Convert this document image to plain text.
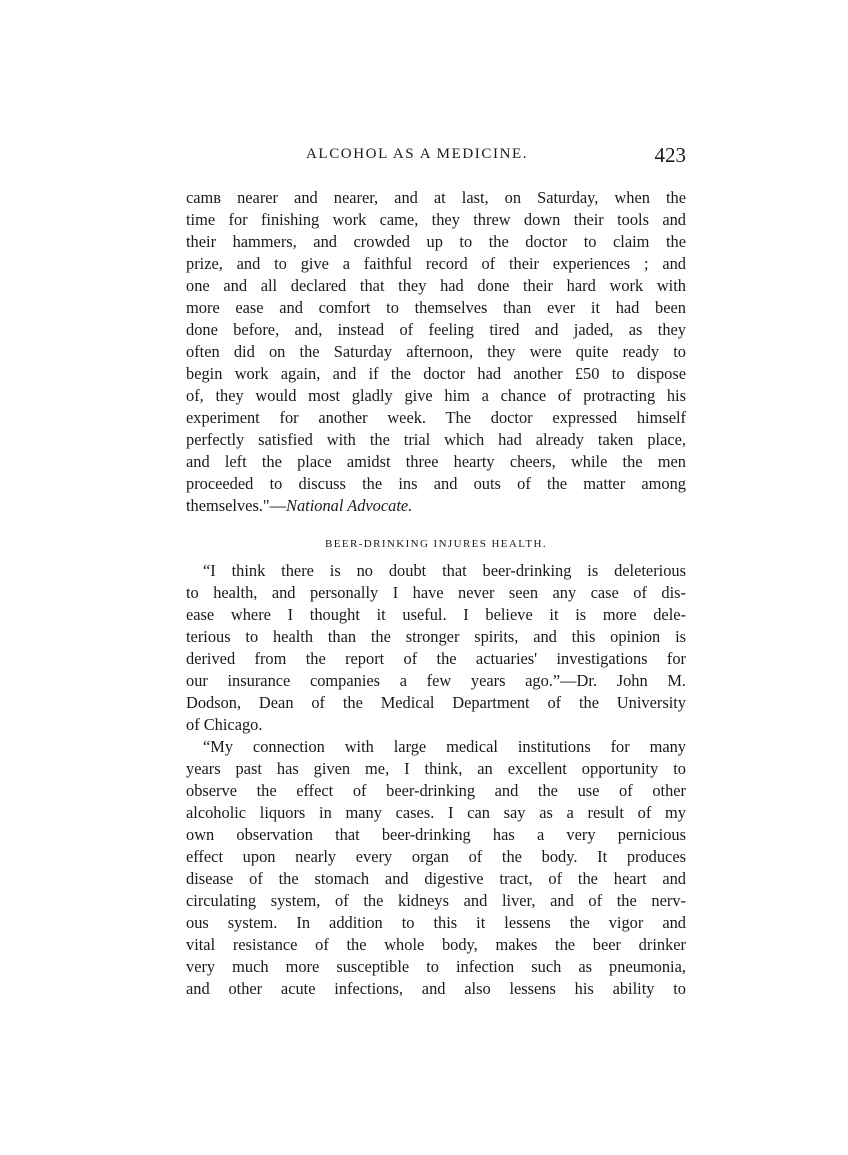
ALCOHOL AS A MEDICINE.	423
camв nearer and nearer, and at last, on Saturday, when the
time for finishing work came, they threw down their tools and
their hammers, and crowded up to the doctor to claim the
prize, and to give a faithful record of their experiences ; and
one and all declared that they had done their hard work with
more ease and comfort to themselves than ever it had been
done before, and, instead of feeling tired and jaded, as they
often did on the Saturday afternoon, they were quite ready to
begin work again, and if the doctor had another £50 to dispose
of, they would most gladly give him a chance of protracting his
experiment for another week. The doctor expressed himself
perfectly satisfied with the trial which had already taken place,
and left the place amidst three hearty cheers, while the men
proceeded to discuss the ins and outs of the matter among
themselves."—National Advocate.
BEER-DRINKING INJURES HEALTH.
“I think there is no doubt that beer-drinking is deleterious
to health, and personally I have never seen any case of dis-
ease where I thought it useful. I believe it is more dele-
terious to health than the stronger spirits, and this opinion is
derived from the report of the actuaries' investigations for
our insurance companies a few years ago.”—Dr. John M.
Dodson, Dean of the Medical Department of the University
of Chicago.
“My connection with large medical institutions for many
years past has given me, I think, an excellent opportunity to
observe the effect of beer-drinking and the use of other
alcoholic liquors in many cases. I can say as a result of my
own observation that beer-drinking has a very pernicious
effect upon nearly every organ of the body. It produces
disease of the stomach and digestive tract, of the heart and
circulating system, of the kidneys and liver, and of the nerv-
ous system. In addition to this it lessens the vigor and
vital resistance of the whole body, makes the beer drinker
very much more susceptible to infection such as pneumonia,
and other acute infections, and also lessens his ability to
